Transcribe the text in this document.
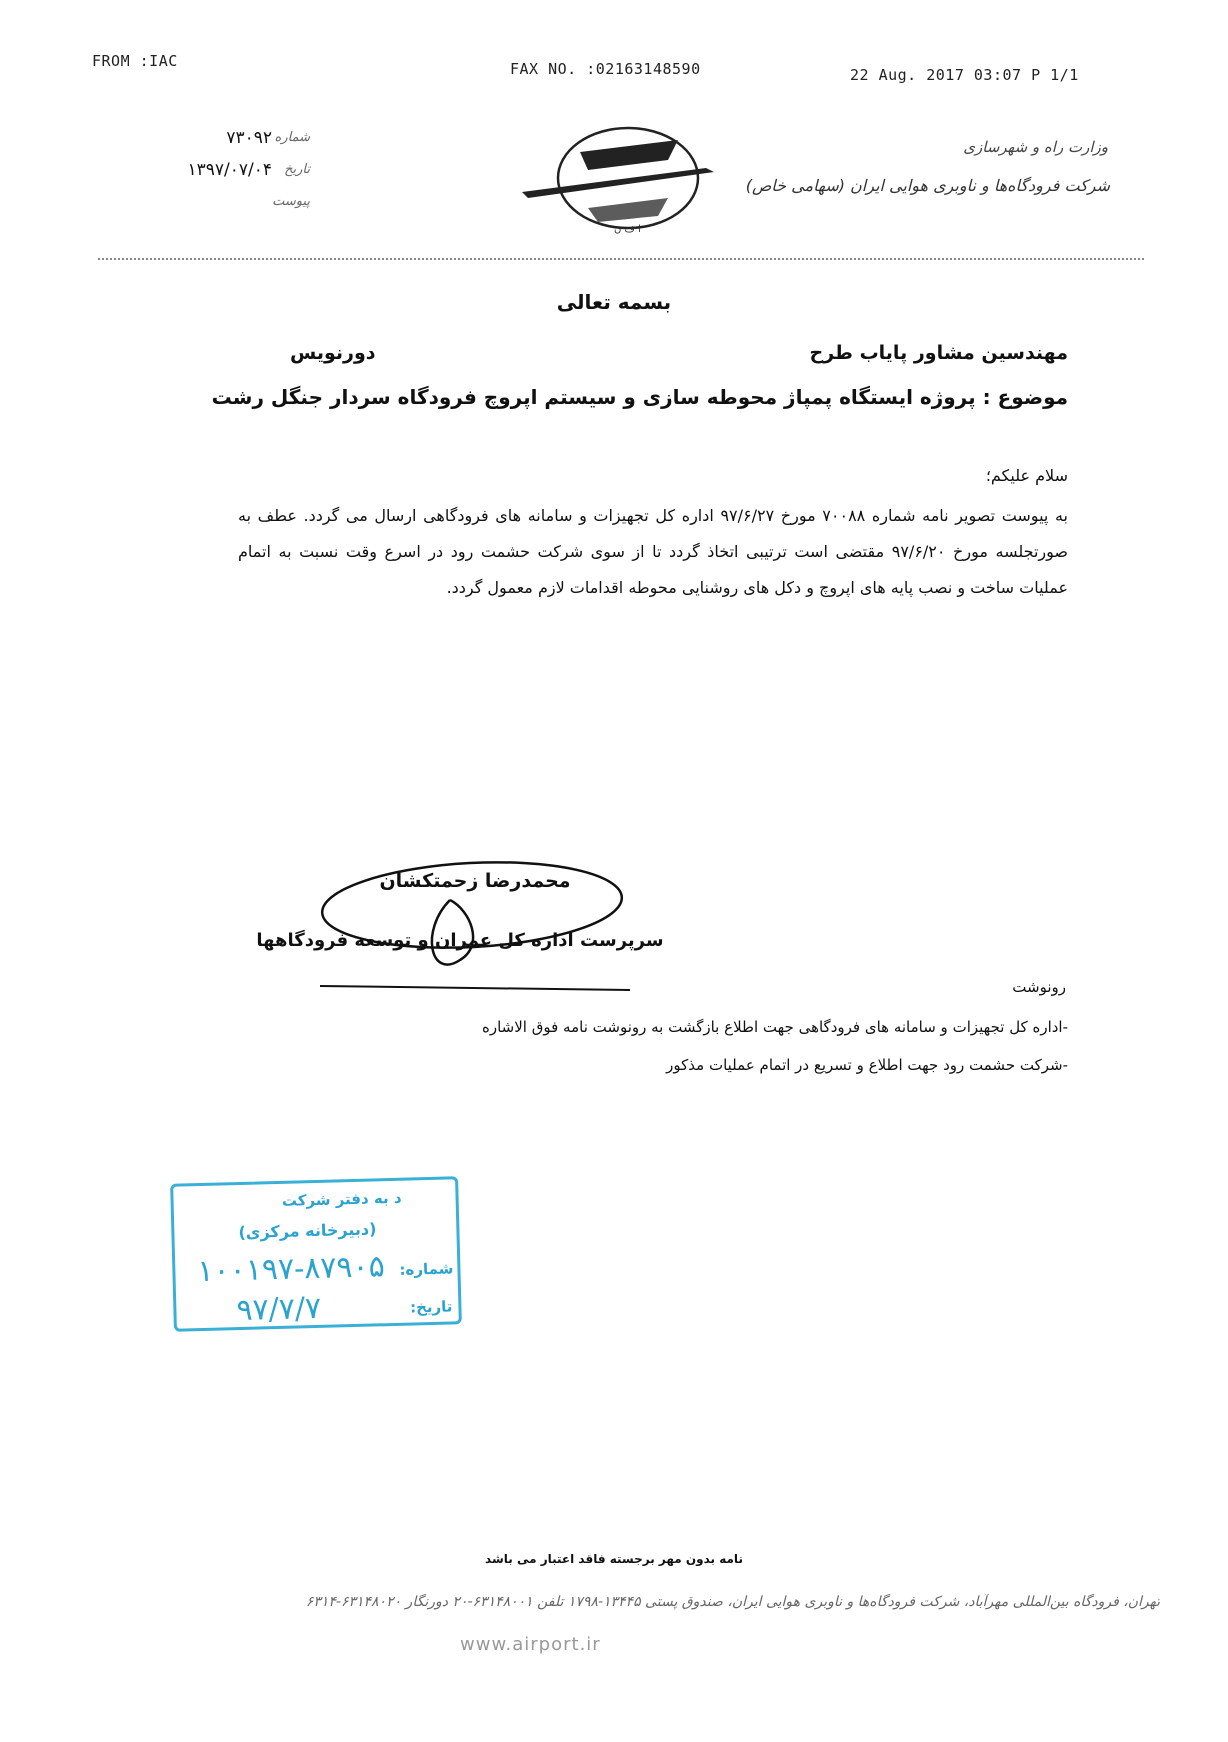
FROM :IAC	FAX NO. :02163148590	22 Aug. 2017 03:07 P 1/1
۷۳۰۹۲ شماره
۱۳۹۷/۰۷/۰۴ تاریخ
پیوست
ا ف ن
وزارت راه و شهرسازی
شرکت فرودگاه‌ها و ناوبری هوایی ایران (سهامی خاص)
بسمه تعالی
مهندسین مشاور پایاب طرح
دورنویس
موضوع : پروژه ایستگاه پمپاژ محوطه سازی و سیستم اپروچ فرودگاه سردار جنگل رشت
سلام علیکم؛
به پیوست تصویر نامه شماره ۷۰۰۸۸ مورخ ۹۷/۶/۲۷ اداره کل تجهیزات و سامانه های فرودگاهی ارسال می گردد. عطف به صورتجلسه مورخ ۹۷/۶/۲۰ مقتضی است ترتیبی اتخاذ گردد تا از سوی شرکت حشمت رود در اسرع وقت نسبت به اتمام عملیات ساخت و نصب پایه های اپروچ و دکل های روشنایی محوطه اقدامات لازم معمول گردد.
محمدرضا زحمتکشان
سرپرست اداره کل عمران و توسعه فرودگاهها
رونوشت
-اداره کل تجهیزات و سامانه های فرودگاهی جهت اطلاع بازگشت به رونوشت نامه فوق الاشاره
-شرکت حشمت رود جهت اطلاع و تسریع در اتمام عملیات مذکور
د به دفتر شرکت
(دبیرخانه مرکزی)
شماره:
۱۰۰۱۹۷-۸۷۹۰۵
تاریخ:
۹۷/۷/۷
نامه بدون مهر برجسته فاقد اعتبار می باشد
تهران، فرودگاه بین‌المللی مهرآباد، شرکت فرودگاه‌ها و ناوبری هوایی ایران، صندوق پستی ۱۳۴۴۵-۱۷۹۸ تلفن ۶۳۱۴۸۰۰۱-۲۰ دورنگار ۶۳۱۴۸۰۲۰-۶۳۱۴
www.airport.ir
